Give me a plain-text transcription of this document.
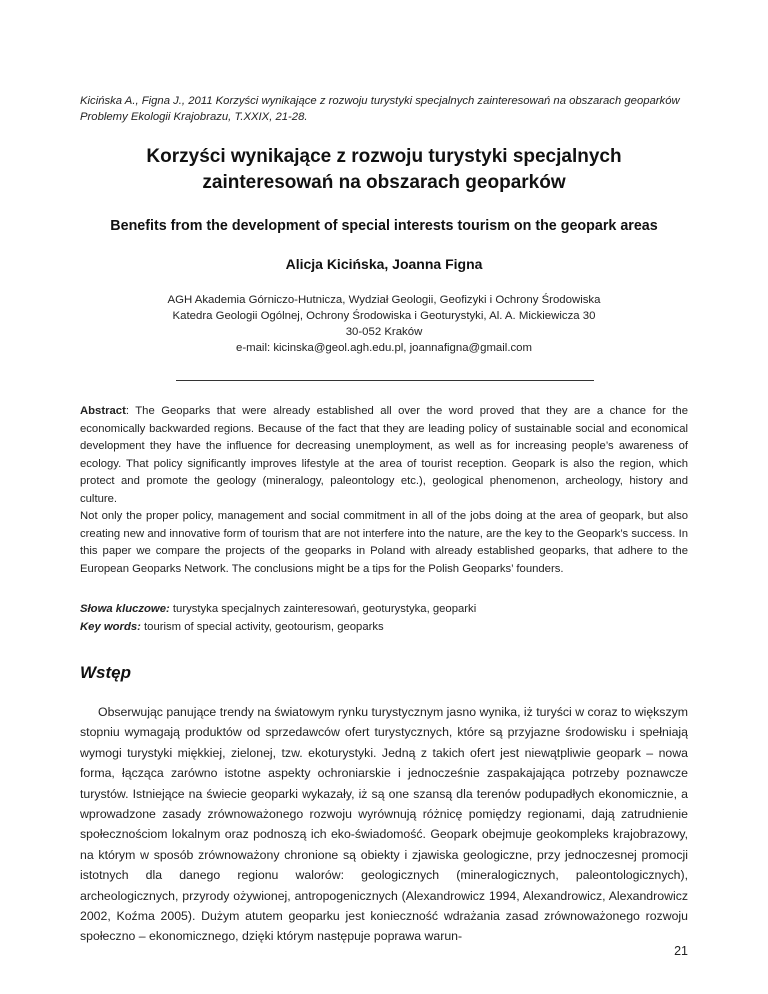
Kicińska A., Figna J., 2011 Korzyści wynikające z rozwoju turystyki specjalnych zainteresowań na obszarach geoparków
Problemy Ekologii Krajobrazu, T.XXIX, 21-28.
Korzyści wynikające z rozwoju turystyki specjalnych zainteresowań na obszarach geoparków
Benefits from the development of special interests tourism on the geopark areas
Alicja Kicińska, Joanna Figna
AGH Akademia Górniczo-Hutnicza, Wydział Geologii, Geofizyki i Ochrony Środowiska
Katedra Geologii Ogólnej, Ochrony Środowiska i Geoturystyki, Al. A. Mickiewicza 30
30-052 Kraków
e-mail: kicinska@geol.agh.edu.pl, joannafigna@gmail.com

Abstract: The Geoparks that were already established all over the word proved that they are a chance for the economically backwarded regions. Because of the fact that they are leading policy of sustainable social and economical development they have the influence for decreasing unemployment, as well as for increasing people’s awareness of ecology. That policy significantly improves lifestyle at the area of tourist reception. Geopark is also the region, which protect and promote the geology (mineralogy, paleontology etc.), geological phenomenon, archeology, history and culture.

Not only the proper policy, management and social commitment in all of the jobs doing at the area of geopark, but also creating new and innovative form of tourism that are not interfere into the nature, are the key to the Geopark’s success. In this paper we compare the projects of the geoparks in Poland with already established geoparks, that adhere to the European Geoparks Network. The conclusions might be a tips for the Polish Geoparks’ founders.

Słowa kluczowe: turystyka specjalnych zainteresowań, geoturystyka, geoparki
Key words: tourism of special activity, geotourism, geoparks
Wstęp

Obserwując panujące trendy na światowym rynku turystycznym jasno wynika, iż turyści w coraz to większym stopniu wymagają produktów od sprzedawców ofert turystycznych, które są przyjazne środowisku i spełniają wymogi turystyki miękkiej, zielonej, tzw. ekoturystyki. Jedną z takich ofert jest niewątpliwie geopark – nowa forma, łącząca zarówno istotne aspekty ochroniarskie i jednocześnie zaspakajająca potrzeby poznawcze turystów. Istniejące na świecie geoparki wykazały, iż są one szansą dla terenów podupadłych ekonomicznie, a wprowadzone zasady zrównoważonego rozwoju wyrównują różnicę pomiędzy regionami, dają zatrudnienie społecznościom lokalnym oraz podnoszą ich eko-świadomość. Geopark obejmuje geokompleks krajobrazowy, na którym w sposób zrównoważony chronione są obiekty i zjawiska geologiczne, przy jednoczesnej promocji istotnych dla danego regionu walorów: geologicznych (mineralogicznych, paleontologicznych), archeologicznych, przyrody ożywionej, antropogenicznych (Alexandrowicz 1994, Alexandrowicz, Alexandrowicz 2002, Koźma 2005). Dużym atutem geoparku jest konieczność wdrażania zasad zrównoważonego rozwoju społeczno – ekonomicznego, dzięki którym następuje poprawa warun-

21
